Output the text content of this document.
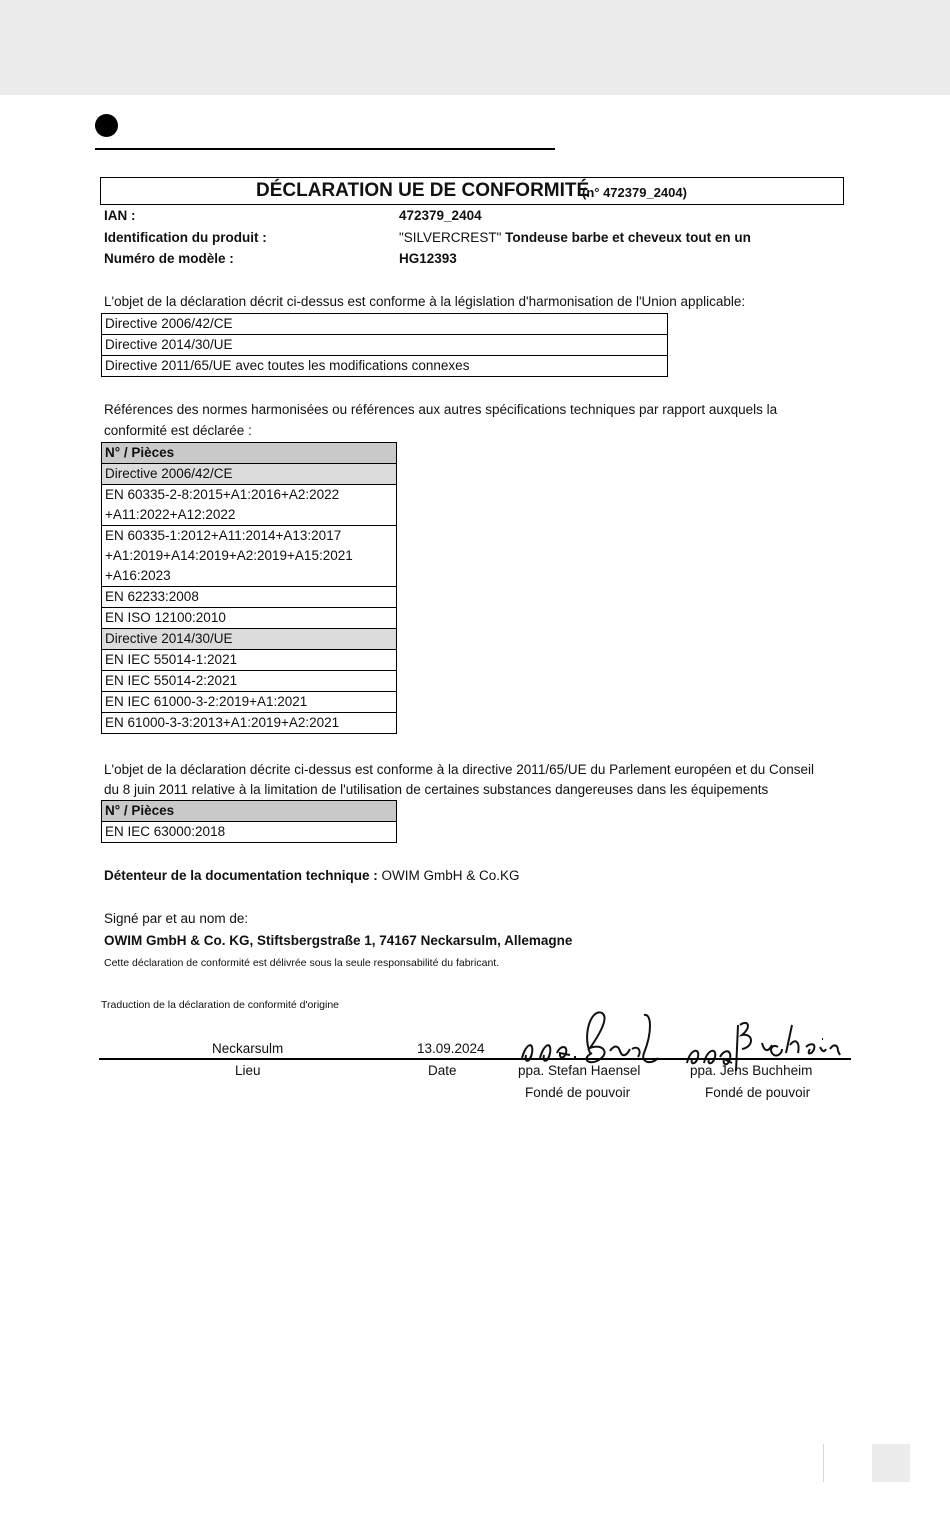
DÉCLARATION UE DE CONFORMITÉ
(n° 472379_2404)
IAN :	472379_2404
Identification du produit :	"SILVERCREST" Tondeuse barbe et cheveux tout en un
Numéro de modèle :	HG12393
L'objet de la déclaration décrit ci-dessus est conforme à la législation d'harmonisation de l'Union applicable:
Directive 2006/42/CE
Directive 2014/30/UE
Directive 2011/65/UE avec toutes les modifications connexes
Références des normes harmonisées ou références aux autres spécifications techniques par rapport auxquels la
conformité est déclarée :
N° / Pièces
Directive 2006/42/CE

EN 60335-2-8:2015+A1:2016+A2:2022
+A11:2022+A12:2022

EN 60335-1:2012+A11:2014+A13:2017
+A1:2019+A14:2019+A2:2019+A15:2021
+A16:2023

EN 62233:2008
EN ISO 12100:2010
Directive 2014/30/UE
EN IEC 55014-1:2021
EN IEC 55014-2:2021
EN IEC 61000-3-2:2019+A1:2021
EN 61000-3-3:2013+A1:2019+A2:2021
L'objet de la déclaration décrite ci-dessus est conforme à la directive 2011/65/UE du Parlement européen et du Conseil
du 8 juin 2011 relative à la limitation de l'utilisation de certaines substances dangereuses dans les équipements
N° / Pièces
EN IEC 63000:2018
Détenteur de la documentation technique : OWIM GmbH & Co.KG
Signé par et au nom de:
OWIM GmbH & Co. KG, Stiftsbergstraße 1, 74167 Neckarsulm, Allemagne
Cette déclaration de conformité est délivrée sous la seule responsabilité du fabricant.
Traduction de la déclaration de conformité d'origine
Neckarsulm	13.09.2024
Lieu	Date	ppa. Stefan Haensel	ppa. Jens Buchheim
Fondé de pouvoir	Fondé de pouvoir
